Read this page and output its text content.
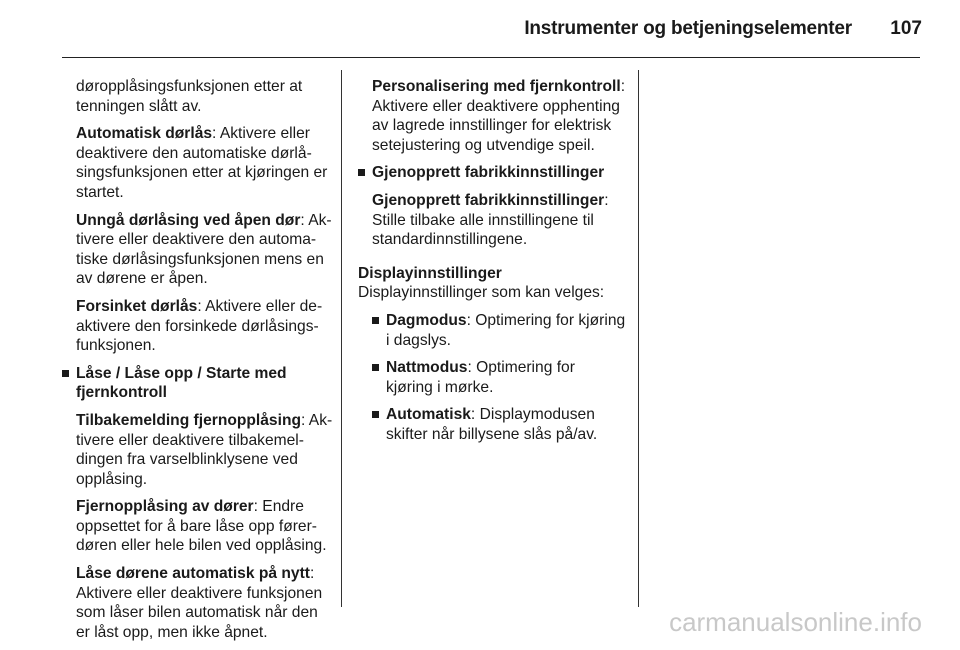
Instrumenter og betjeningselementer 107

døropplåsingsfunksjonen etter at tenningen slått av.

Automatisk dørlås: Aktivere eller deaktivere den automatiske dørlåsingsfunksjonen etter at kjøringen er startet.

Unngå dørlåsing ved åpen dør: Aktivere eller deaktivere den automatiske dørlåsingsfunksjonen mens en av dørene er åpen.

Forsinket dørlås: Aktivere eller deaktivere den forsinkede dørlåsingsfunksjonen.

Låse / Låse opp / Starte med fjernkontroll

Tilbakemelding fjernopplåsing: Aktivere eller deaktivere tilbakemeldingen fra varselblinklysene ved opplåsing.

Fjernopplåsing av dører: Endre oppsettet for å bare låse opp førerdøren eller hele bilen ved opplåsing.

Låse dørene automatisk på nytt: Aktivere eller deaktivere funksjonen som låser bilen automatisk når den er låst opp, men ikke åpnet.

Personalisering med fjernkontroll: Aktivere eller deaktivere opphenting av lagrede innstillinger for elektrisk setejustering og utvendige speil.

Gjenopprett fabrikkinnstillinger

Gjenopprett fabrikkinnstillinger: Stille tilbake alle innstillingene til standardinnstillingene.

Displayinnstillinger

Displayinnstillinger som kan velges:

Dagmodus: Optimering for kjøring i dagslys.
Nattmodus: Optimering for kjøring i mørke.
Automatisk: Displaymodusen skifter når billysene slås på/av.
carmanualsonline.info
